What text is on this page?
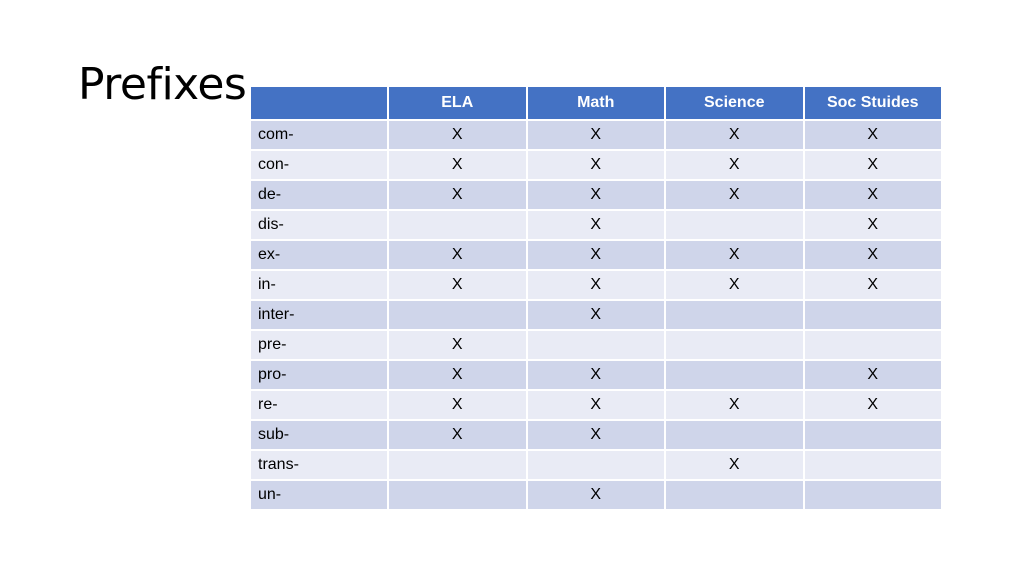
Prefixes
		ELA	Math	Science	Soc Stuides
com-	X	X	X	X
con-	X	X	X	X
de-	X	X	X	X
dis-		X		X
ex-	X	X	X	X
in-	X	X	X	X
inter-		X		
pre-	X			
pro-	X	X		X
re-	X	X	X	X
sub-	X	X		
trans-			X	
un-		X		
